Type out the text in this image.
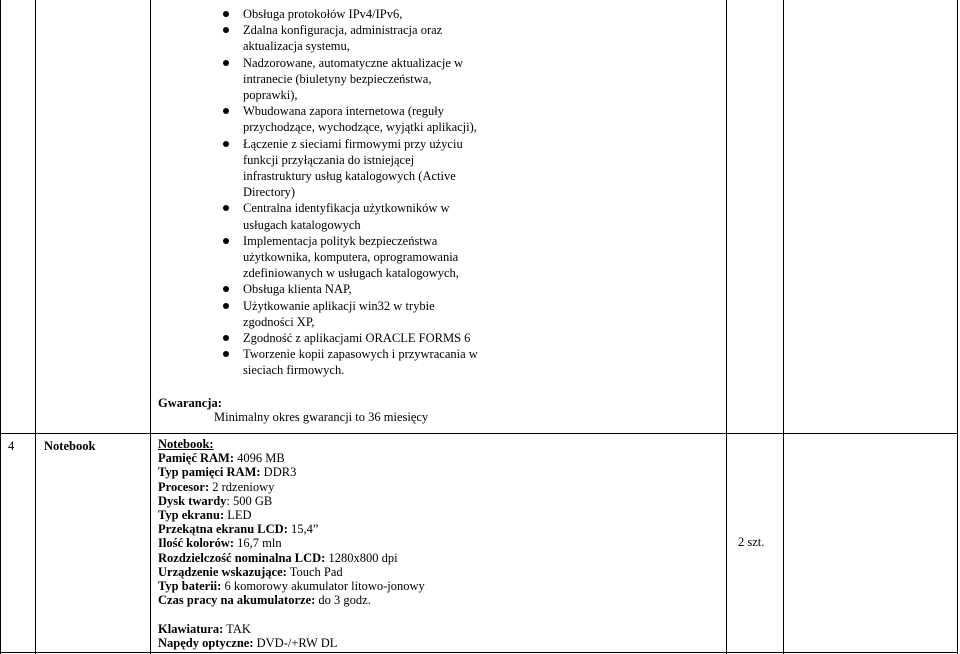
Obsługa protokołów IPv4/IPv6,
Zdalna konfiguracja, administracja oraz aktualizacja systemu,
Nadzorowane, automatyczne aktualizacje w intranecie (biuletyny bezpieczeństwa, poprawki),
Wbudowana zapora internetowa (reguły przychodzące, wychodzące, wyjątki aplikacji),
Łączenie z sieciami firmowymi przy użyciu funkcji przyłączania do istniejącej infrastruktury usług katalogowych (Active Directory)
Centralna identyfikacja użytkowników w usługach katalogowych
Implementacja polityk bezpieczeństwa użytkownika, komputera, oprogramowania zdefiniowanych w usługach katalogowych,
Obsługa klienta NAP,
Użytkowanie aplikacji win32 w trybie zgodności XP,
Zgodność z aplikacjami ORACLE FORMS 6
Tworzenie kopii zapasowych i przywracania w sieciach firmowych.
Gwarancja:
Minimalny okres gwarancji to 36 miesięcy
4 Notebook
2 szt.
Notebook:
Pamięć RAM: 4096 MB
Typ pamięci RAM: DDR3
Procesor: 2 rdzeniowy
Dysk twardy: 500 GB
Typ ekranu: LED
Przekątna ekranu LCD: 15,4”
Ilość kolorów: 16,7 mln
Rozdzielczość nominalna LCD: 1280x800 dpi
Urządzenie wskazujące: Touch Pad
Typ baterii: 6 komorowy akumulator litowo-jonowy
Czas pracy na akumulatorze: do 3 godz.
Klawiatura: TAK
Napędy optyczne: DVD-/+RW DL
